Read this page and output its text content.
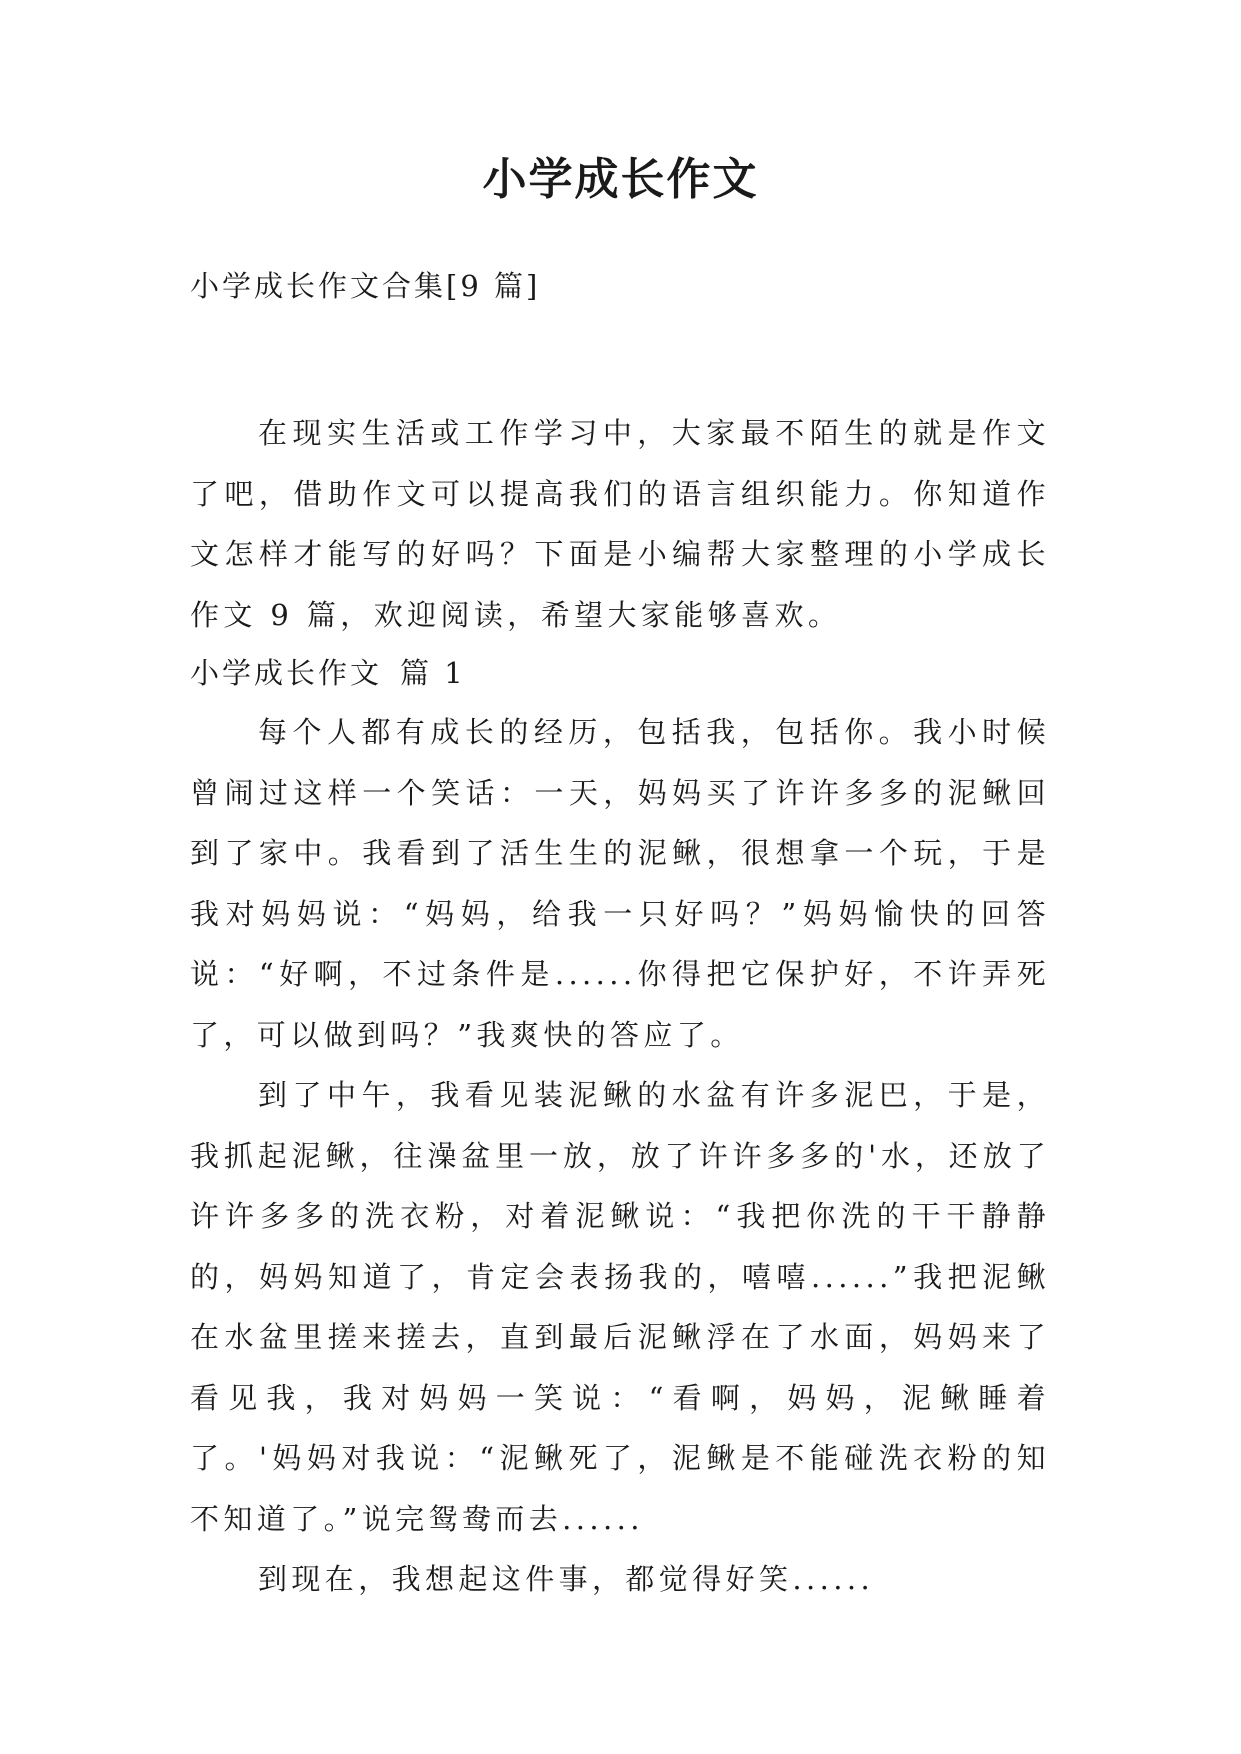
小学成长作文

小学成长作文合集[9 篇]

在现实生活或工作学习中，大家最不陌生的就是作文了吧，借助作文可以提高我们的语言组织能力。你知道作文怎样才能写的好吗？下面是小编帮大家整理的小学成长作文 9 篇，欢迎阅读，希望大家能够喜欢。

小学成长作文 篇 1

每个人都有成长的经历，包括我，包括你。我小时候曾闹过这样一个笑话：一天，妈妈买了许许多多的泥鳅回到了家中。我看到了活生生的泥鳅，很想拿一个玩，于是我对妈妈说：“妈妈，给我一只好吗？”妈妈愉快的回答说：“好啊，不过条件是......你得把它保护好，不许弄死了，可以做到吗？”我爽快的答应了。

到了中午，我看见装泥鳅的水盆有许多泥巴，于是，我抓起泥鳅，往澡盆里一放，放了许许多多的'水，还放了许许多多的洗衣粉，对着泥鳅说：“我把你洗的干干静静的，妈妈知道了，肯定会表扬我的，嘻嘻......”我把泥鳅在水盆里搓来搓去，直到最后泥鳅浮在了水面，妈妈来了看见我，我对妈妈一笑说：“看啊，妈妈，泥鳅睡着了。'妈妈对我说：“泥鳅死了，泥鳅是不能碰洗衣粉的知不知道了。”说完鸳鸯而去......

到现在，我想起这件事，都觉得好笑......
